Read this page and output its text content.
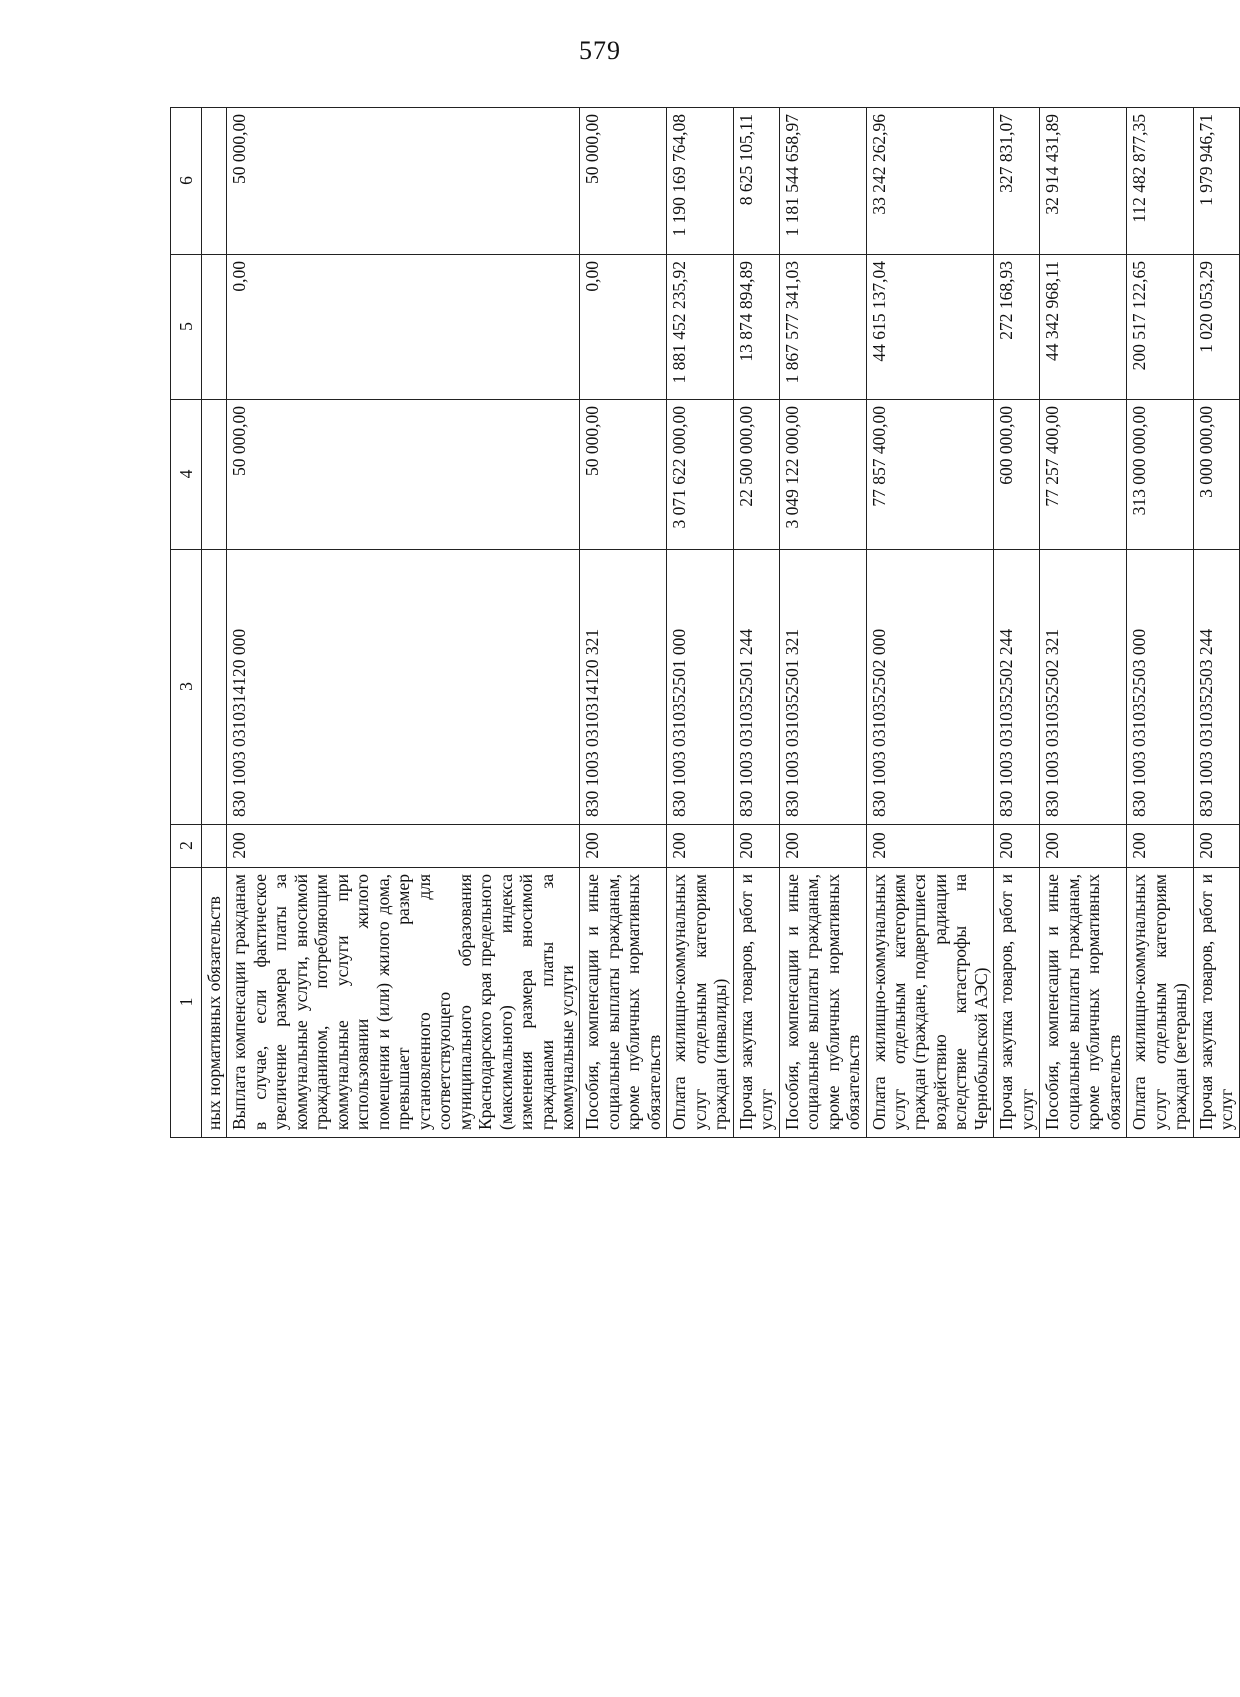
579
1	2	3	4	5	6
ных нормативных обязательств					
Выплата компенсации гражданам в случае, если фактическое увеличение размера платы за коммунальные услуги, вносимой гражданином, потребляющим коммунальные услуги при использовании жилого помещения и (или) жилого дома, превышает размер установленного для соответствующего муниципального образования Краснодарского края предельного (максимального) индекса изменения размера вносимой гражданами платы за коммунальные услуги	200	830 1003 0310314120 000	50 000,00	0,00	50 000,00
Пособия, компенсации и иные социальные выплаты гражданам, кроме публичных нормативных обязательств	200	830 1003 0310314120 321	50 000,00	0,00	50 000,00
Оплата жилищно-коммунальных услуг отдельным категориям граждан (инвалиды)	200	830 1003 0310352501 000	3 071 622 000,00	1 881 452 235,92	1 190 169 764,08
Прочая закупка товаров, работ и услуг	200	830 1003 0310352501 244	22 500 000,00	13 874 894,89	8 625 105,11
Пособия, компенсации и иные социальные выплаты гражданам, кроме публичных нормативных обязательств	200	830 1003 0310352501 321	3 049 122 000,00	1 867 577 341,03	1 181 544 658,97
Оплата жилищно-коммунальных услуг отдельным категориям граждан (граждане, подвергшиеся воздействию радиации вследствие катастрофы на Чернобыльской АЭС)	200	830 1003 0310352502 000	77 857 400,00	44 615 137,04	33 242 262,96
Прочая закупка товаров, работ и услуг	200	830 1003 0310352502 244	600 000,00	272 168,93	327 831,07
Пособия, компенсации и иные социальные выплаты гражданам, кроме публичных нормативных обязательств	200	830 1003 0310352502 321	77 257 400,00	44 342 968,11	32 914 431,89
Оплата жилищно-коммунальных услуг отдельным категориям граждан (ветераны)	200	830 1003 0310352503 000	313 000 000,00	200 517 122,65	112 482 877,35
Прочая закупка товаров, работ и услуг	200	830 1003 0310352503 244	3 000 000,00	1 020 053,29	1 979 946,71
